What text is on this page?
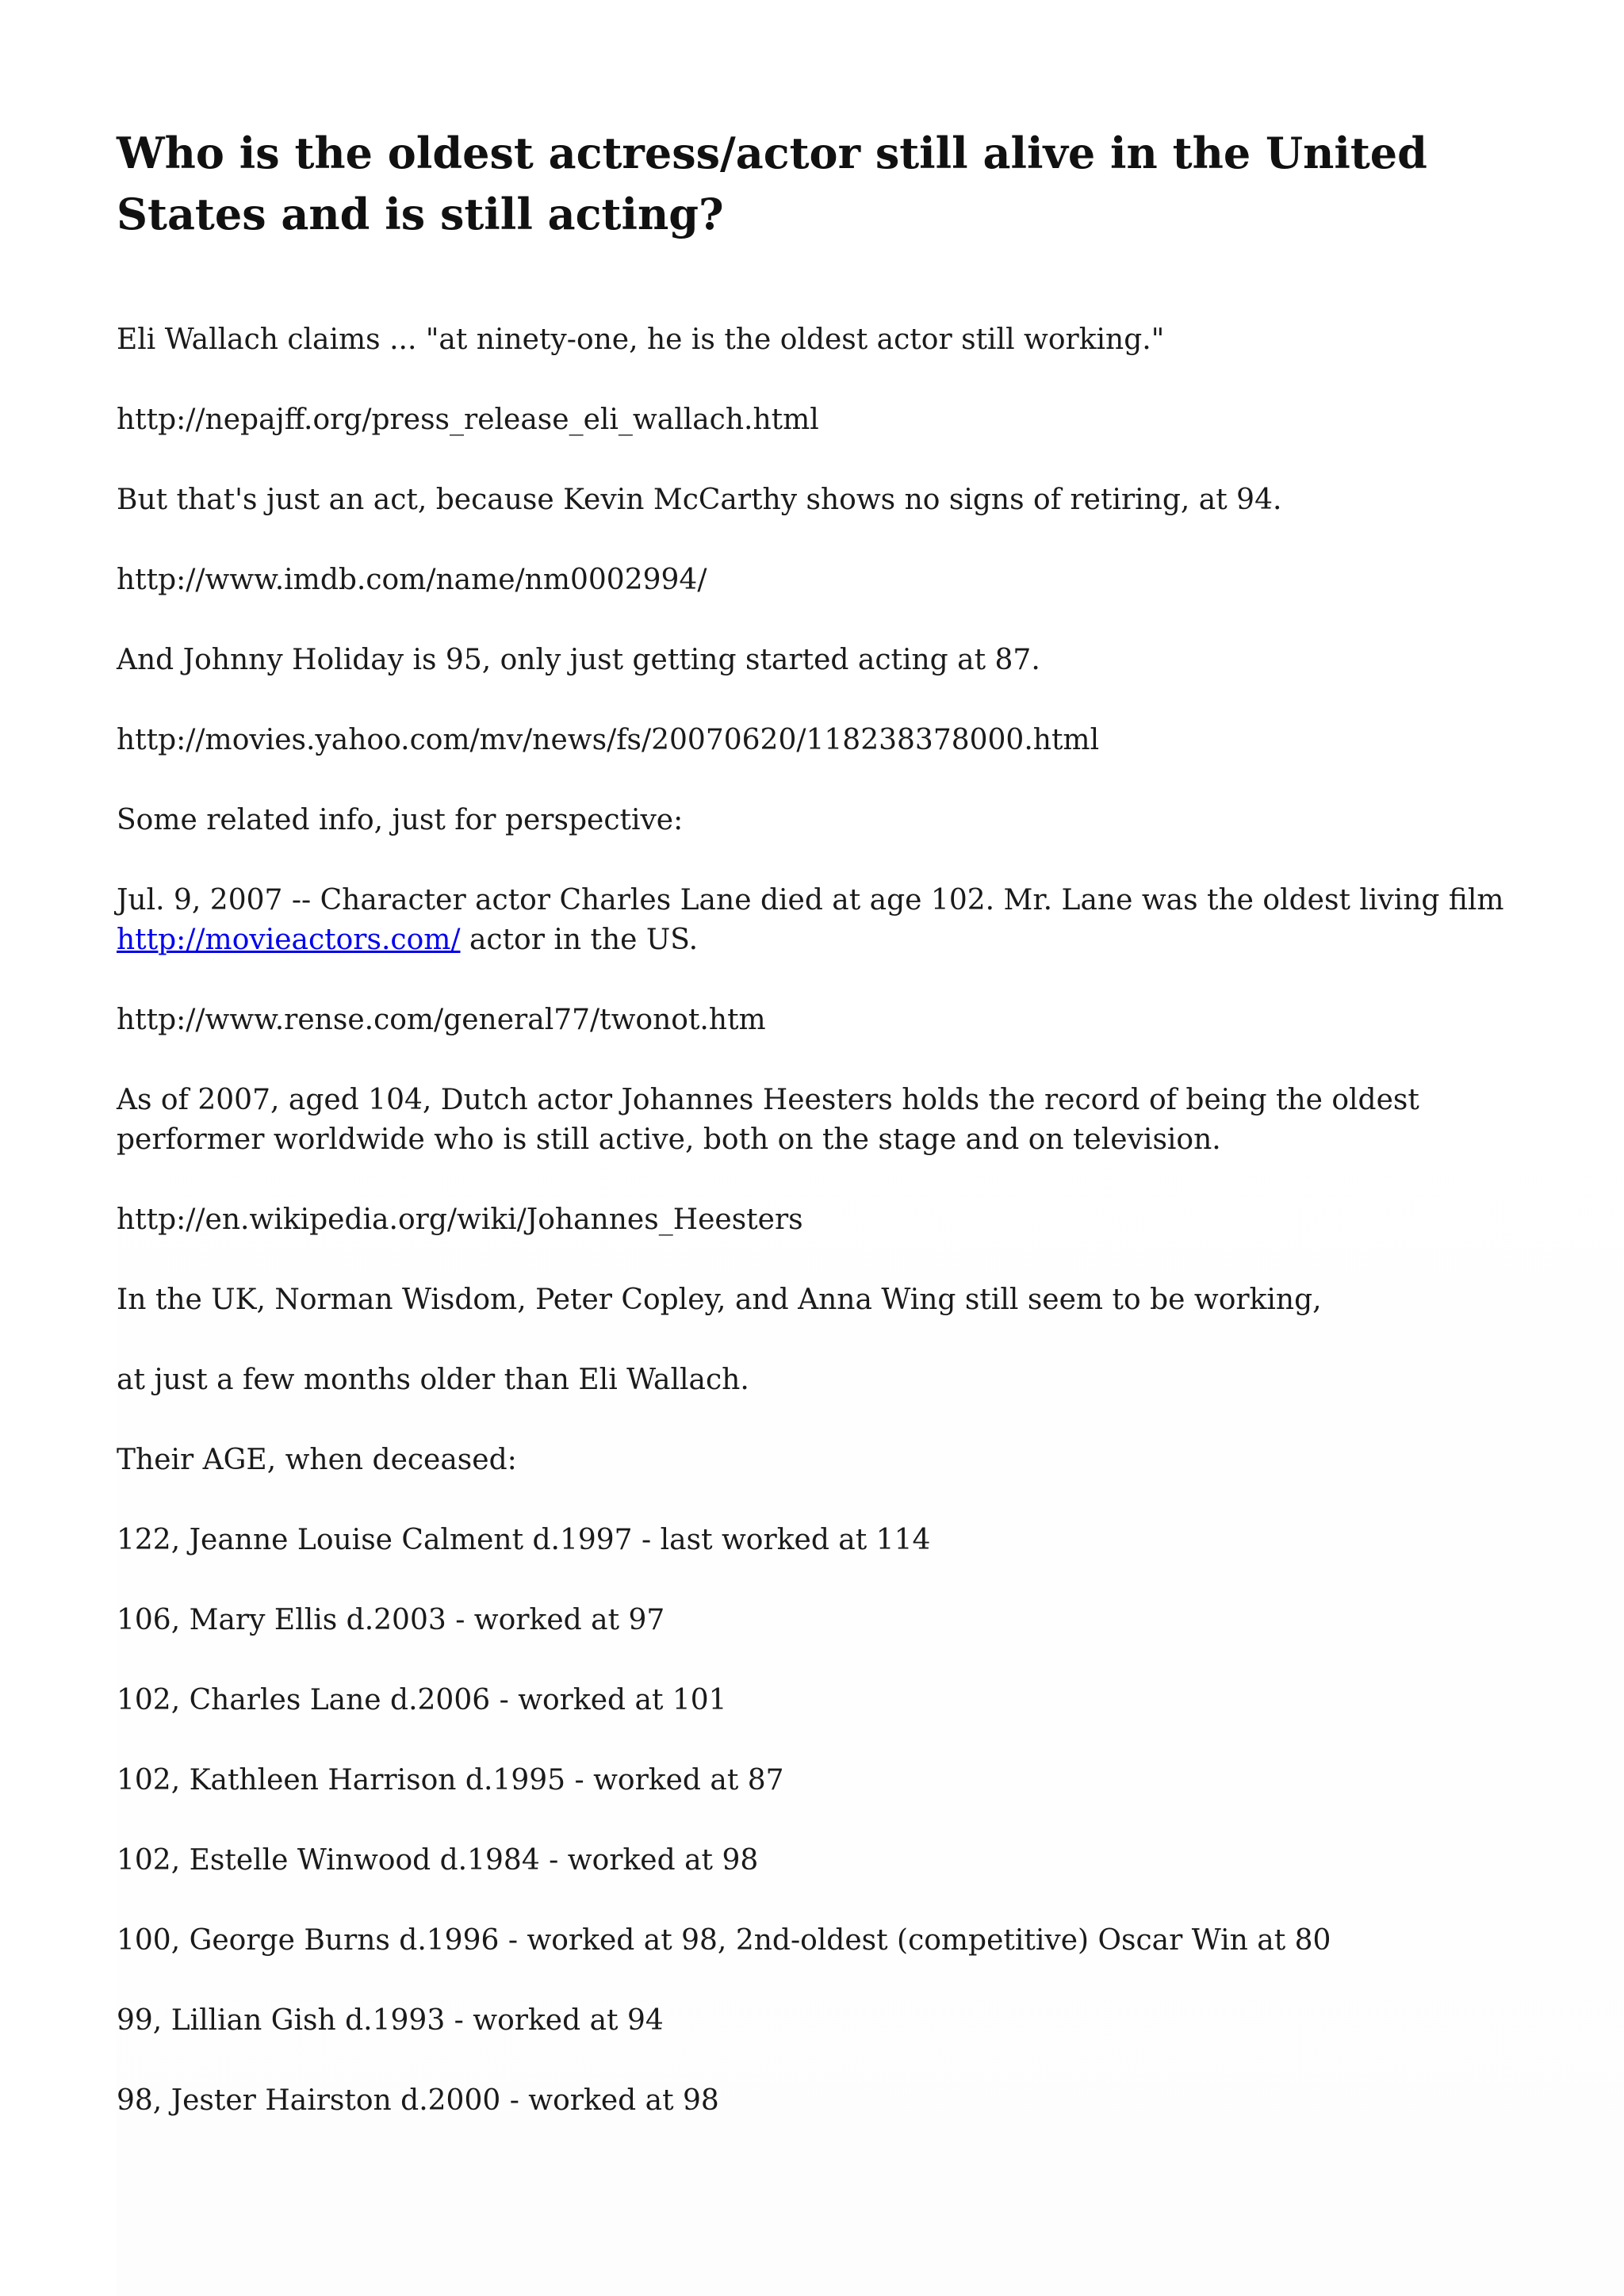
Who is the oldest actress/actor still alive in the United States and is still acting?

Eli Wallach claims ... "at ninety-one, he is the oldest actor still working."

http://nepajff.org/press_release_eli_wallach.html

But that's just an act, because Kevin McCarthy shows no signs of retiring, at 94.

http://www.imdb.com/name/nm0002994/

And Johnny Holiday is 95, only just getting started acting at 87.

http://movies.yahoo.com/mv/news/fs/20070620/118238378000.html

Some related info, just for perspective:

Jul. 9, 2007 -- Character actor Charles Lane died at age 102. Mr. Lane was the oldest living film http://movieactors.com/ actor in the US.

http://www.rense.com/general77/twonot.htm

As of 2007, aged 104, Dutch actor Johannes Heesters holds the record of being the oldest performer worldwide who is still active, both on the stage and on television.

http://en.wikipedia.org/wiki/Johannes_Heesters

In the UK, Norman Wisdom, Peter Copley, and Anna Wing still seem to be working,

at just a few months older than Eli Wallach.

Their AGE, when deceased:

122, Jeanne Louise Calment d.1997 - last worked at 114

106, Mary Ellis d.2003 - worked at 97

102, Charles Lane d.2006 - worked at 101

102, Kathleen Harrison d.1995 - worked at 87

102, Estelle Winwood d.1984 - worked at 98

100, George Burns d.1996 - worked at 98, 2nd-oldest (competitive) Oscar Win at 80

99, Lillian Gish d.1993 - worked at 94

98, Jester Hairston d.2000 - worked at 98
